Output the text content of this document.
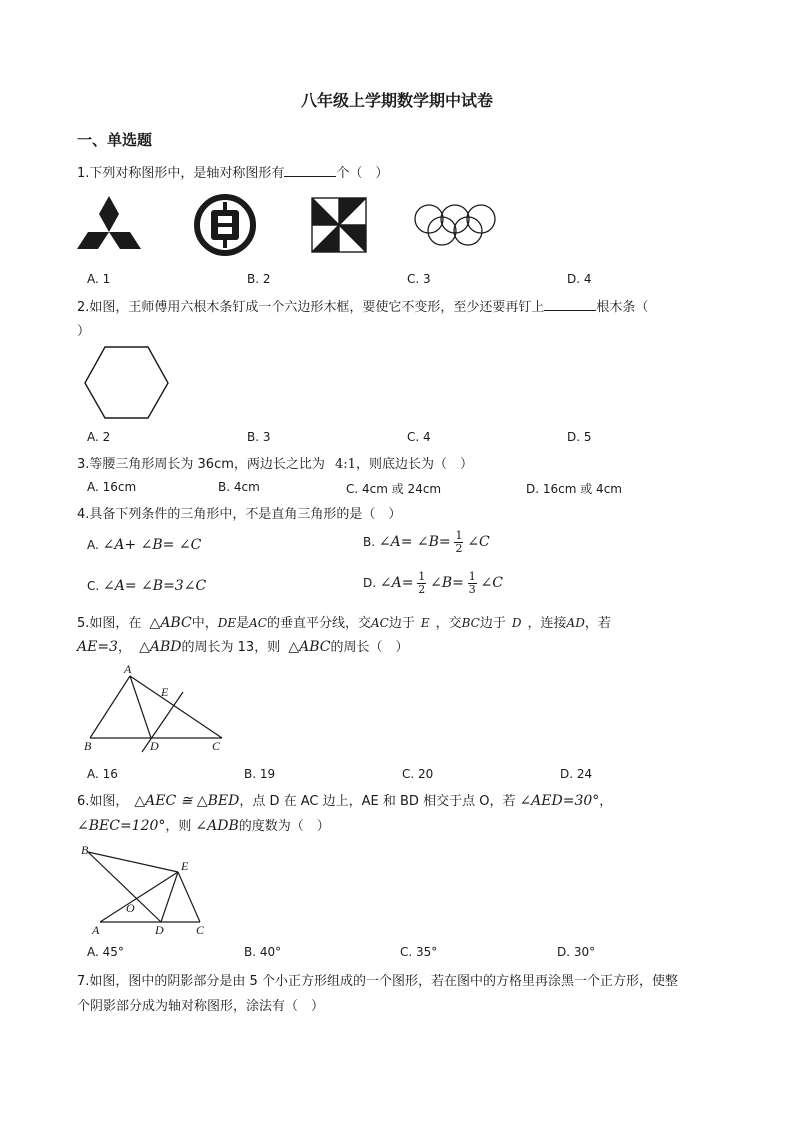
八年级上学期数学期中试卷
一、单选题
1.下列对称图形中，是轴对称图形有	个（　）
A. 1	B. 2	C. 3	D. 4
2.如图，王师傅用六根木条钉成一个六边形木框，要使它不变形，至少还要再钉上	根木条（
）
A. 2	B. 3	C. 4	D. 5
3.等腰三角形周长为 36cm，两边长之比为 4:1，则底边长为（　）
A. 16cm	B. 4cm	C. 4cm 或 24cm	D. 16cm 或 4cm
4.具备下列条件的三角形中，不是直角三角形的是（　）
A. ∠A+ ∠B= ∠C	B. ∠A= ∠B= $\frac{1}{2}$ ∠C
C. ∠A= ∠B=3∠C	D. ∠A= $\frac{1}{2}$ ∠B= $\frac{1}{3}$ ∠C
5.如图，在 △ABC中，DE是AC的垂直平分线，交AC边于 E ，交BC边于 D ，连接AD，若
AE=3， △ABD的周长为 13，则 △ABC的周长（　）
A
B	C
D
E
A. 16	B. 19	C. 20	D. 24
6.如图， △AEC ≅ △BED，点 D 在 AC 边上，AE 和 BD 相交于点 O，若 ∠AED=30°，
∠BEC=120°，则 ∠ADB的度数为（　）
B
E
O
A	D	C
A. 45°	B. 40°	C. 35°	D. 30°
7.如图，图中的阴影部分是由 5 个小正方形组成的一个图形，若在图中的方格里再涂黑一个正方形，使整
个阴影部分成为轴对称图形，涂法有（　）
